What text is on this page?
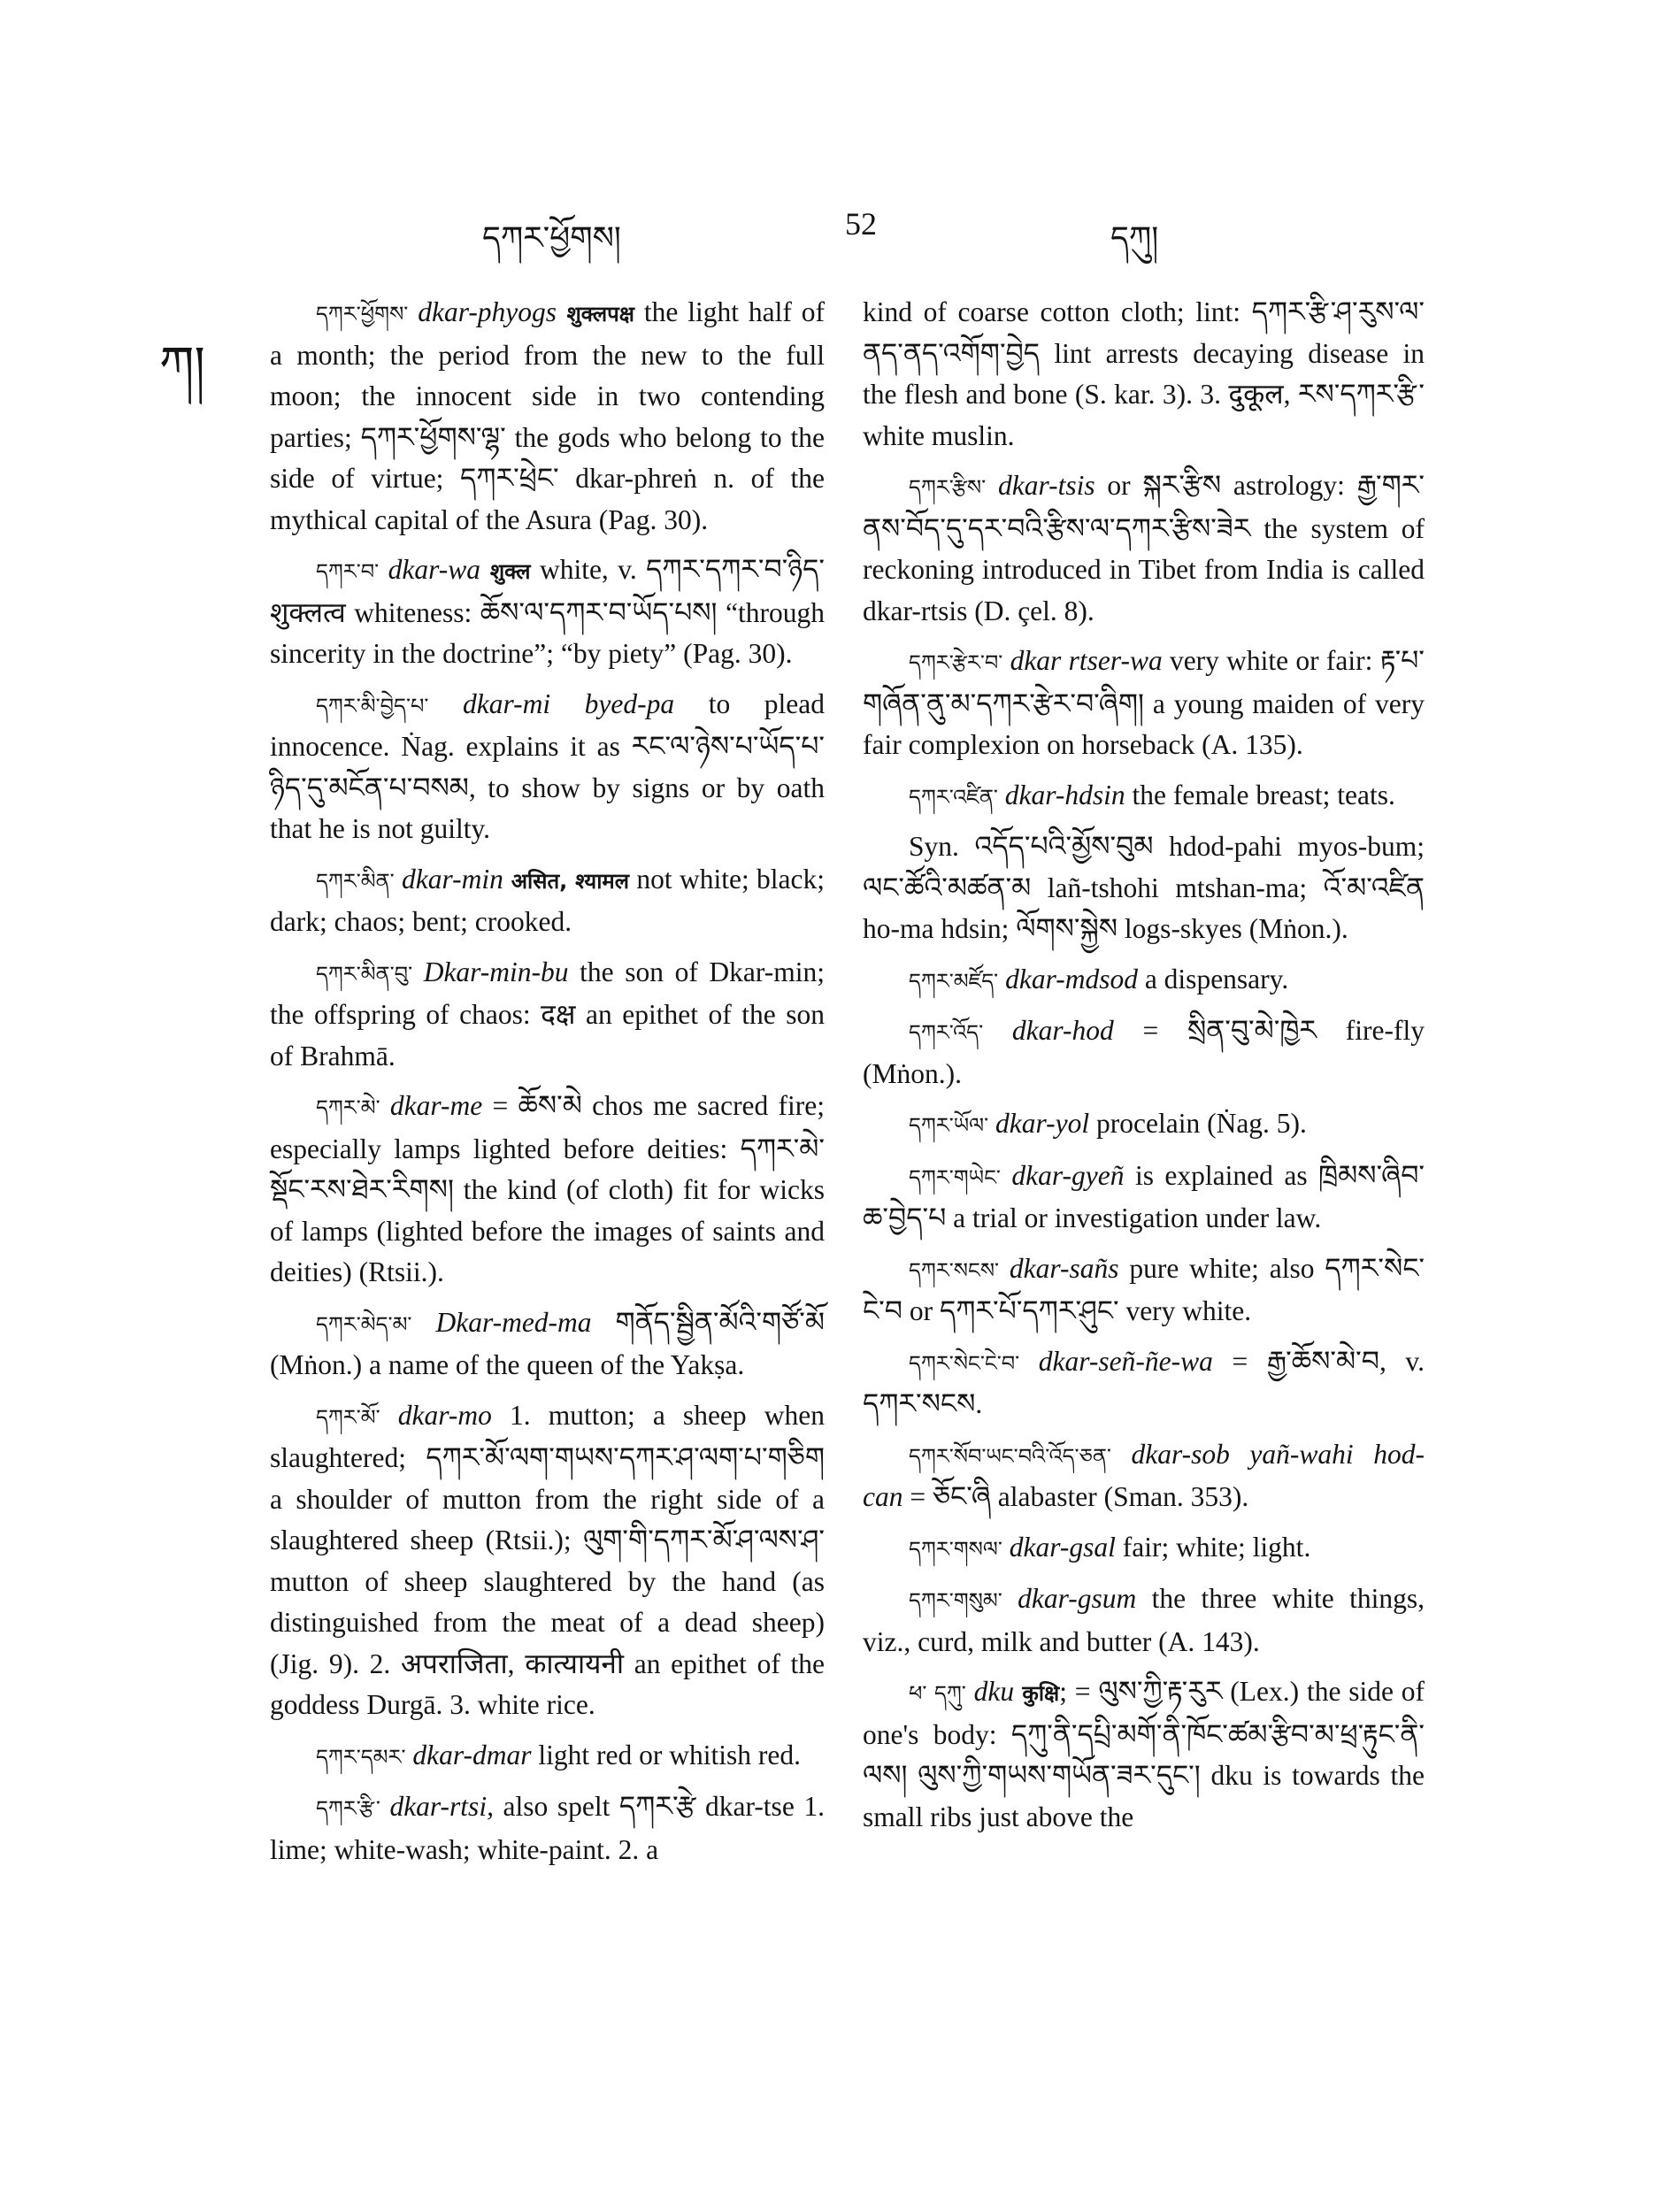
དཀར་ཕྱོགས།	52	དཀུ།
ཀ།

དཀར་ཕྱོགས་ dkar-phyogs शुक्लपक्ष the light half of a month; the period from the new to the full moon; the innocent side in two contending parties; དཀར་ཕྱོགས་ལྷ་ the gods who belong to the side of virtue; དཀར་ཕྲེང་ dkar-phreṅ n. of the mythical capital of the Asura (Pag. 30).

དཀར་བ་ dkar-wa शुक्ल white, v. དཀར་དཀར་བ་ཉིད་ शुक्लत्व whiteness: ཆོས་ལ་དཀར་བ་ཡོད་པས། “through sincerity in the doctrine”; “by piety” (Pag. 30).

དཀར་མི་བྱེད་པ་ dkar-mi byed-pa to plead innocence. Ṅag. explains it as རང་ལ་ཉེས་པ་ཡོད་པ་ཉིད་དུ་མངོན་པ་བསམ, to show by signs or by oath that he is not guilty.

དཀར་མིན་ dkar-min असित, श्यामल not white; black; dark; chaos; bent; crooked.

དཀར་མིན་བུ་ Dkar-min-bu the son of Dkar-min; the offspring of chaos: दक्ष an epithet of the son of Brahmā.

དཀར་མེ་ dkar-me = ཆོས་མེ chos me sacred fire; especially lamps lighted before deities: དཀར་མེ་སྡོང་རས་ཐེར་རིགས། the kind (of cloth) fit for wicks of lamps (lighted before the images of saints and deities) (Rtsii.).

དཀར་མེད་མ་ Dkar-med-ma གནོད་སྦྱིན་མོའི་གཙོ་མོ (Mṅon.) a name of the queen of the Yakṣa.

དཀར་མོ་ dkar-mo 1. mutton; a sheep when slaughtered; དཀར་མོ་ལག་གཡས་དཀར་ཤ་ལག་པ་གཅིག a shoulder of mutton from the right side of a slaughtered sheep (Rtsii.); ལུག་གི་དཀར་མོ་ཤ་ལས་ཤ་ mutton of sheep slaughtered by the hand (as distinguished from the meat of a dead sheep) (Jig. 9). 2. अपराजिता, कात्यायनी an epithet of the goddess Durgā. 3. white rice.

དཀར་དམར་ dkar-dmar light red or whitish red.

དཀར་རྩི་ dkar-rtsi, also spelt དཀར་རྩེ dkar-tse 1. lime; white-wash; white-paint. 2. a

kind of coarse cotton cloth; lint: དཀར་རྩི་ཤ་རུས་ལ་ནད་ནད་འགོག་བྱེད lint arrests decaying disease in the flesh and bone (S. kar. 3). 3. दुकूल, རས་དཀར་རྩི་ white muslin.

དཀར་རྩིས་ dkar-tsis or སྐར་རྩིས astrology: རྒྱ་གར་ནས་བོད་དུ་དར་བའི་རྩིས་ལ་དཀར་རྩིས་ཟེར the system of reckoning introduced in Tibet from India is called dkar-rtsis (D. çel. 8).

དཀར་རྩེར་བ་ dkar rtser-wa very white or fair: རྟ་པ་གཞོན་ནུ་མ་དཀར་རྩེར་བ་ཞིག། a young maiden of very fair complexion on horseback (A. 135).

དཀར་འཛིན་ dkar-hdsin the female breast; teats.

Syn. འདོད་པའི་མྱོས་བུམ hdod-pahi myos-bum; ལང་ཚོའི་མཚན་མ lañ-tshohi mtshan-ma; འོ་མ་འཛིན ho-ma hdsin; ལོགས་སྐྱེས logs-skyes (Mṅon.).

དཀར་མཛོད་ dkar-mdsod a dispensary.

དཀར་འོད་ dkar-hod = སྲིན་བུ་མེ་ཁྱེར fire-fly (Mṅon.).

དཀར་ཡོལ་ dkar-yol procelain (Ṅag. 5).

དཀར་གཡེང་ dkar-gyeñ is explained as ཁྲིམས་ཞིབ་ཆ་བྱེད་པ a trial or investigation under law.

དཀར་སངས་ dkar-sañs pure white; also དཀར་སེང་ངེ་བ or དཀར་པོ་དཀར་ཤུང་ very white.

དཀར་སེང་ངེ་བ་ dkar-señ-ñe-wa = རྒྱ་ཆོས་མེ་བ, v. དཀར་སངས.

དཀར་སོབ་ཡང་བའི་འོད་ཅན་ dkar-sob yañ-wahi hod-can = ཅོང་ཞི alabaster (Sman. 353).

དཀར་གསལ་ dkar-gsal fair; white; light.

དཀར་གསུམ་ dkar-gsum the three white things, viz., curd, milk and butter (A. 143).

ཕ་ དཀུ་ dku कुक्षि; = ལུས་ཀྱི་རྟ་རུར (Lex.) the side of one's body: དཀུ་ནི་དཔྲི་མགོ་ནི་ཁོང་ཚམ་རྩིབ་མ་ཕྲ་རྟུང་ནི་ལས། ལུས་ཀྱི་གཡས་གཡོན་ཟར་དུང་། dku is towards the small ribs just above the
